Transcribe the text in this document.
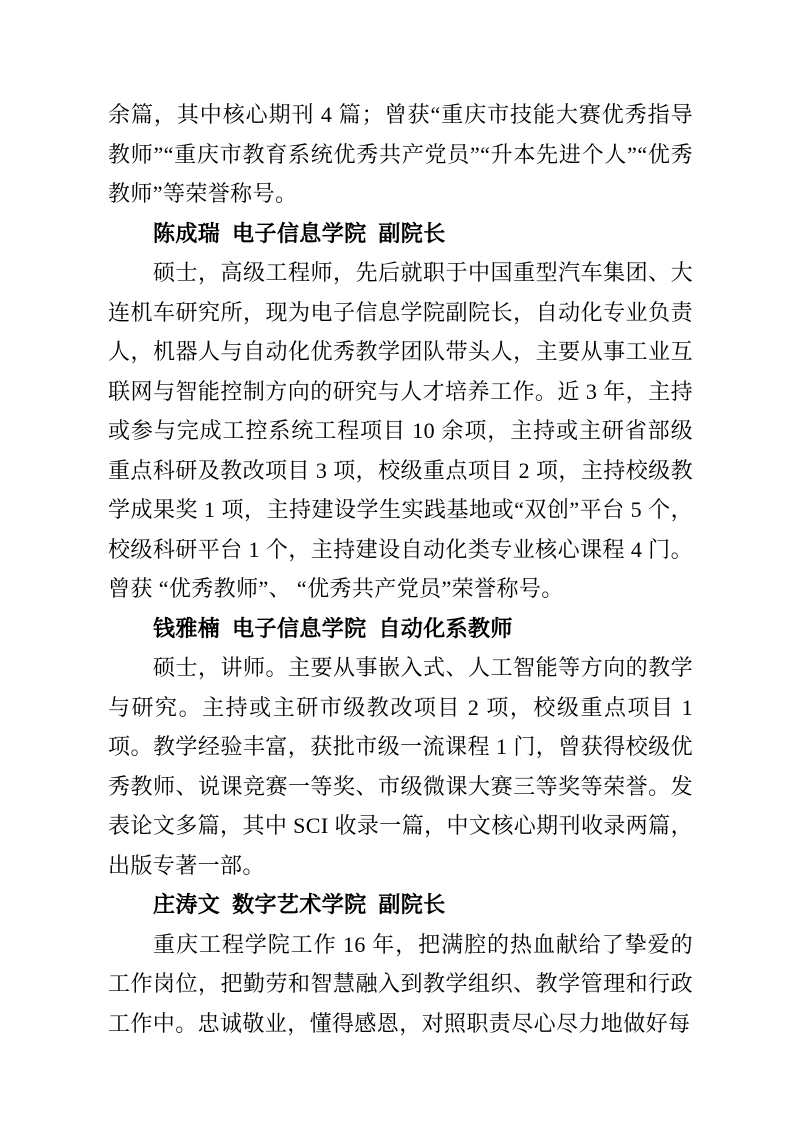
余篇，其中核心期刊 4 篇；曾获“重庆市技能大赛优秀指导教师”“重庆市教育系统优秀共产党员”“升本先进个人”“优秀教师”等荣誉称号。

陈成瑞 电子信息学院 副院长

硕士，高级工程师，先后就职于中国重型汽车集团、大连机车研究所，现为电子信息学院副院长，自动化专业负责人，机器人与自动化优秀教学团队带头人，主要从事工业互联网与智能控制方向的研究与人才培养工作。近 3 年，主持或参与完成工控系统工程项目 10 余项，主持或主研省部级重点科研及教改项目 3 项，校级重点项目 2 项，主持校级教学成果奖 1 项，主持建设学生实践基地或“双创”平台 5 个，校级科研平台 1 个，主持建设自动化类专业核心课程 4 门。曾获 “优秀教师”、 “优秀共产党员”荣誉称号。

钱雅楠 电子信息学院 自动化系教师

硕士，讲师。主要从事嵌入式、人工智能等方向的教学与研究。主持或主研市级教改项目 2 项，校级重点项目 1 项。教学经验丰富，获批市级一流课程 1 门，曾获得校级优秀教师、说课竞赛一等奖、市级微课大赛三等奖等荣誉。发表论文多篇，其中 SCI 收录一篇，中文核心期刊收录两篇，出版专著一部。

庄涛文 数字艺术学院 副院长

重庆工程学院工作 16 年，把满腔的热血献给了挚爱的工作岗位，把勤劳和智慧融入到教学组织、教学管理和行政工作中。忠诚敬业，懂得感恩，对照职责尽心尽力地做好每
